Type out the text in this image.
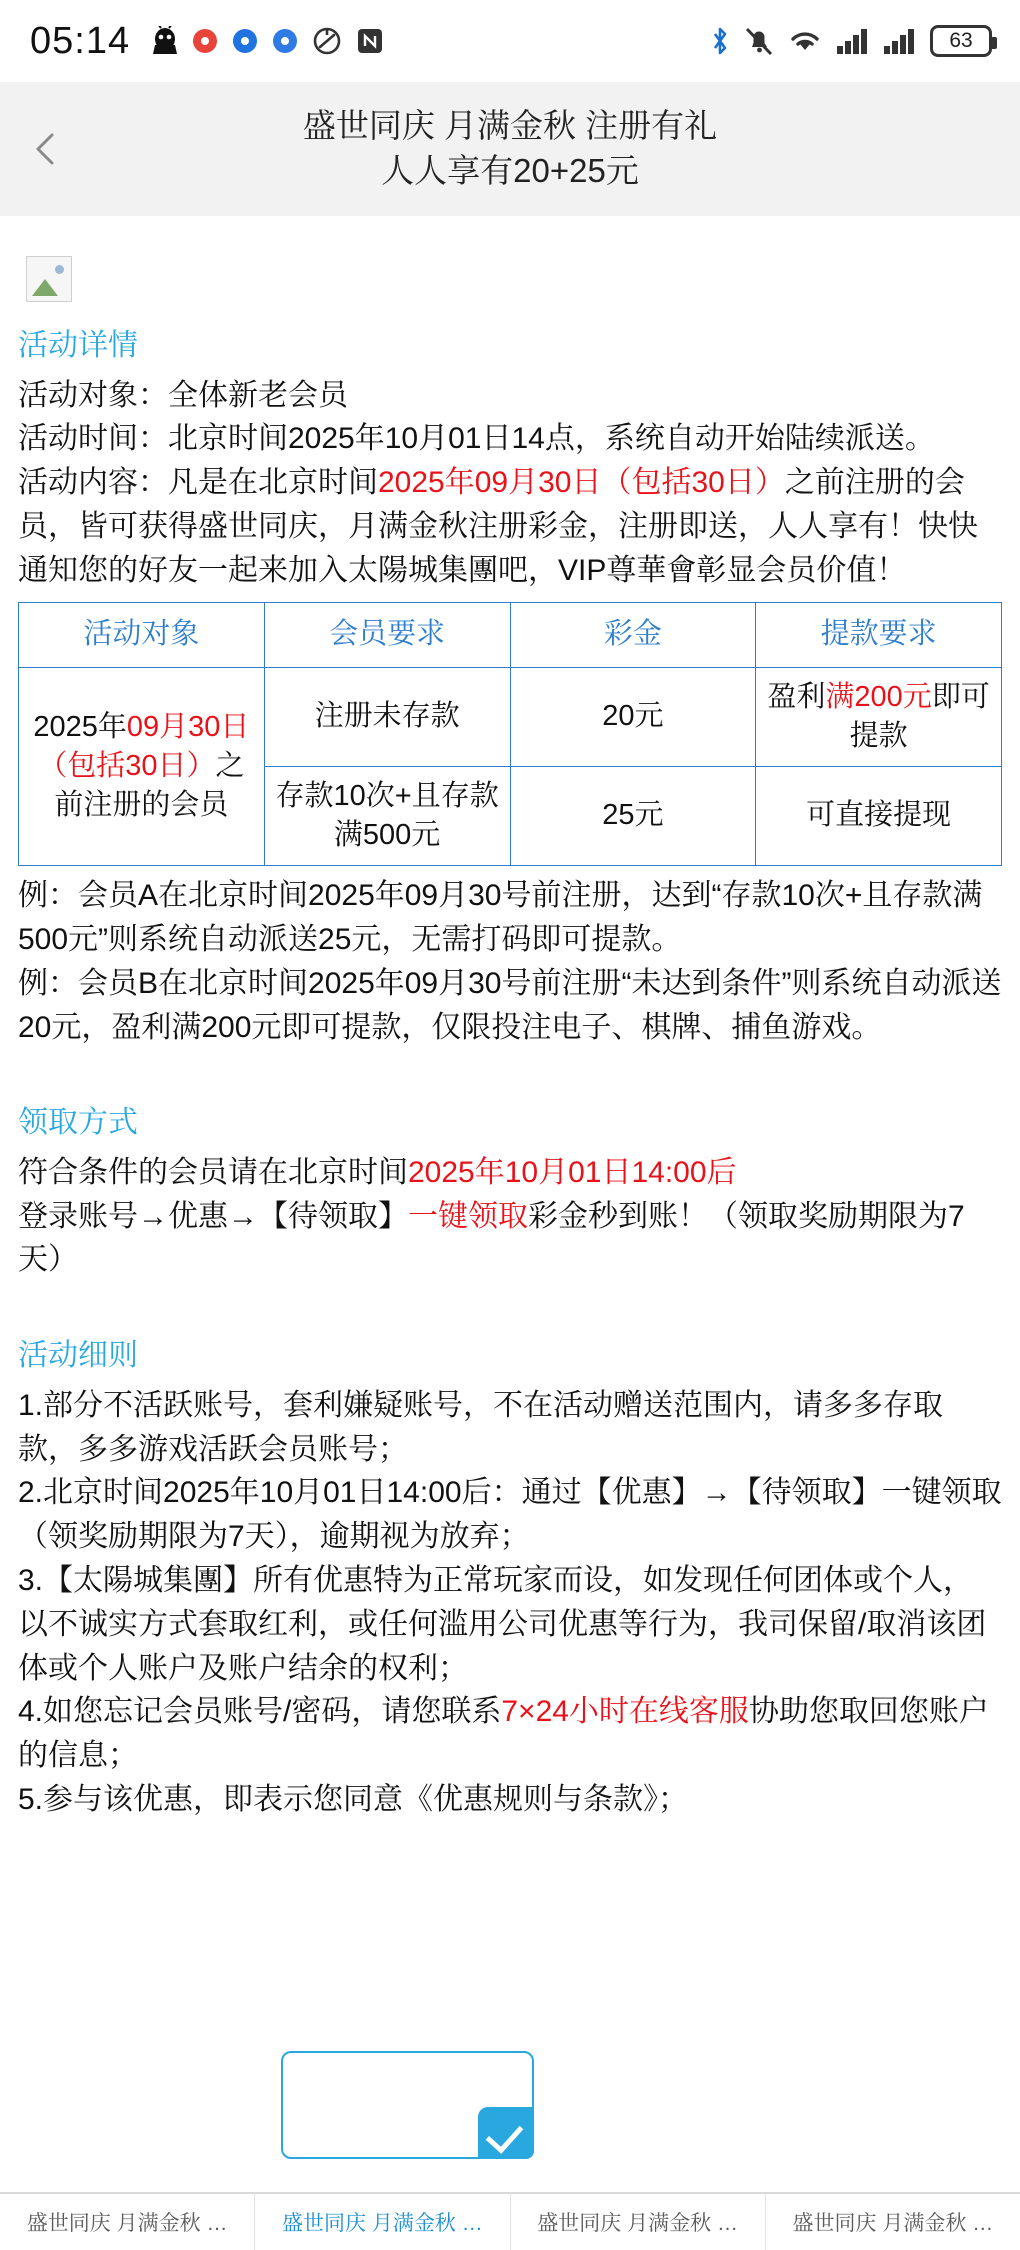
05:14	63
盛世同庆 月满金秋 注册有礼
人人享有20+25元
活动详情

活动对象：全体新老会员

活动时间：北京时间2025年10月01日14点，系统自动开始陆续派送。

活动内容：凡是在北京时间2025年09月30日（包括30日）之前注册的会员，皆可获得盛世同庆，月满金秋注册彩金，注册即送，人人享有！快快通知您的好友一起来加入太陽城集團吧，VIP尊華會彰显会员价值！

活动对象	会员要求	彩金	提款要求
2025年09月30日（包括30日）之前注册的会员	注册未存款	20元	盈利满200元即可提款
	存款10次+且存款满500元	25元	可直接提现

例：会员A在北京时间2025年09月30号前注册，达到“存款10次+且存款满500元”则系统自动派送25元，无需打码即可提款。

例：会员B在北京时间2025年09月30号前注册“未达到条件”则系统自动派送20元，盈利满200元即可提款，仅限投注电子、棋牌、捕鱼游戏。

领取方式

符合条件的会员请在北京时间2025年10月01日14:00后

登录账号→优惠→【待领取】一键领取彩金秒到账！（领取奖励期限为7天）

活动细则

1.部分不活跃账号，套利嫌疑账号，不在活动赠送范围内，请多多存取款，多多游戏活跃会员账号；

2.北京时间2025年10月01日14:00后：通过【优惠】→【待领取】一键领取（领奖励期限为7天），逾期视为放弃；

3.【太陽城集團】所有优惠特为正常玩家而设，如发现任何团体或个人，以不诚实方式套取红利，或任何滥用公司优惠等行为，我司保留/取消该团体或个人账户及账户结余的权利；

4.如您忘记会员账号/密码，请您联系7×24小时在线客服协助您取回您账户的信息；

5.参与该优惠，即表示您同意《优惠规则与条款》；

盛世同庆 月满金秋 …	盛世同庆 月满金秋 …	盛世同庆 月满金秋 …	盛世同庆 月满金秋 …
